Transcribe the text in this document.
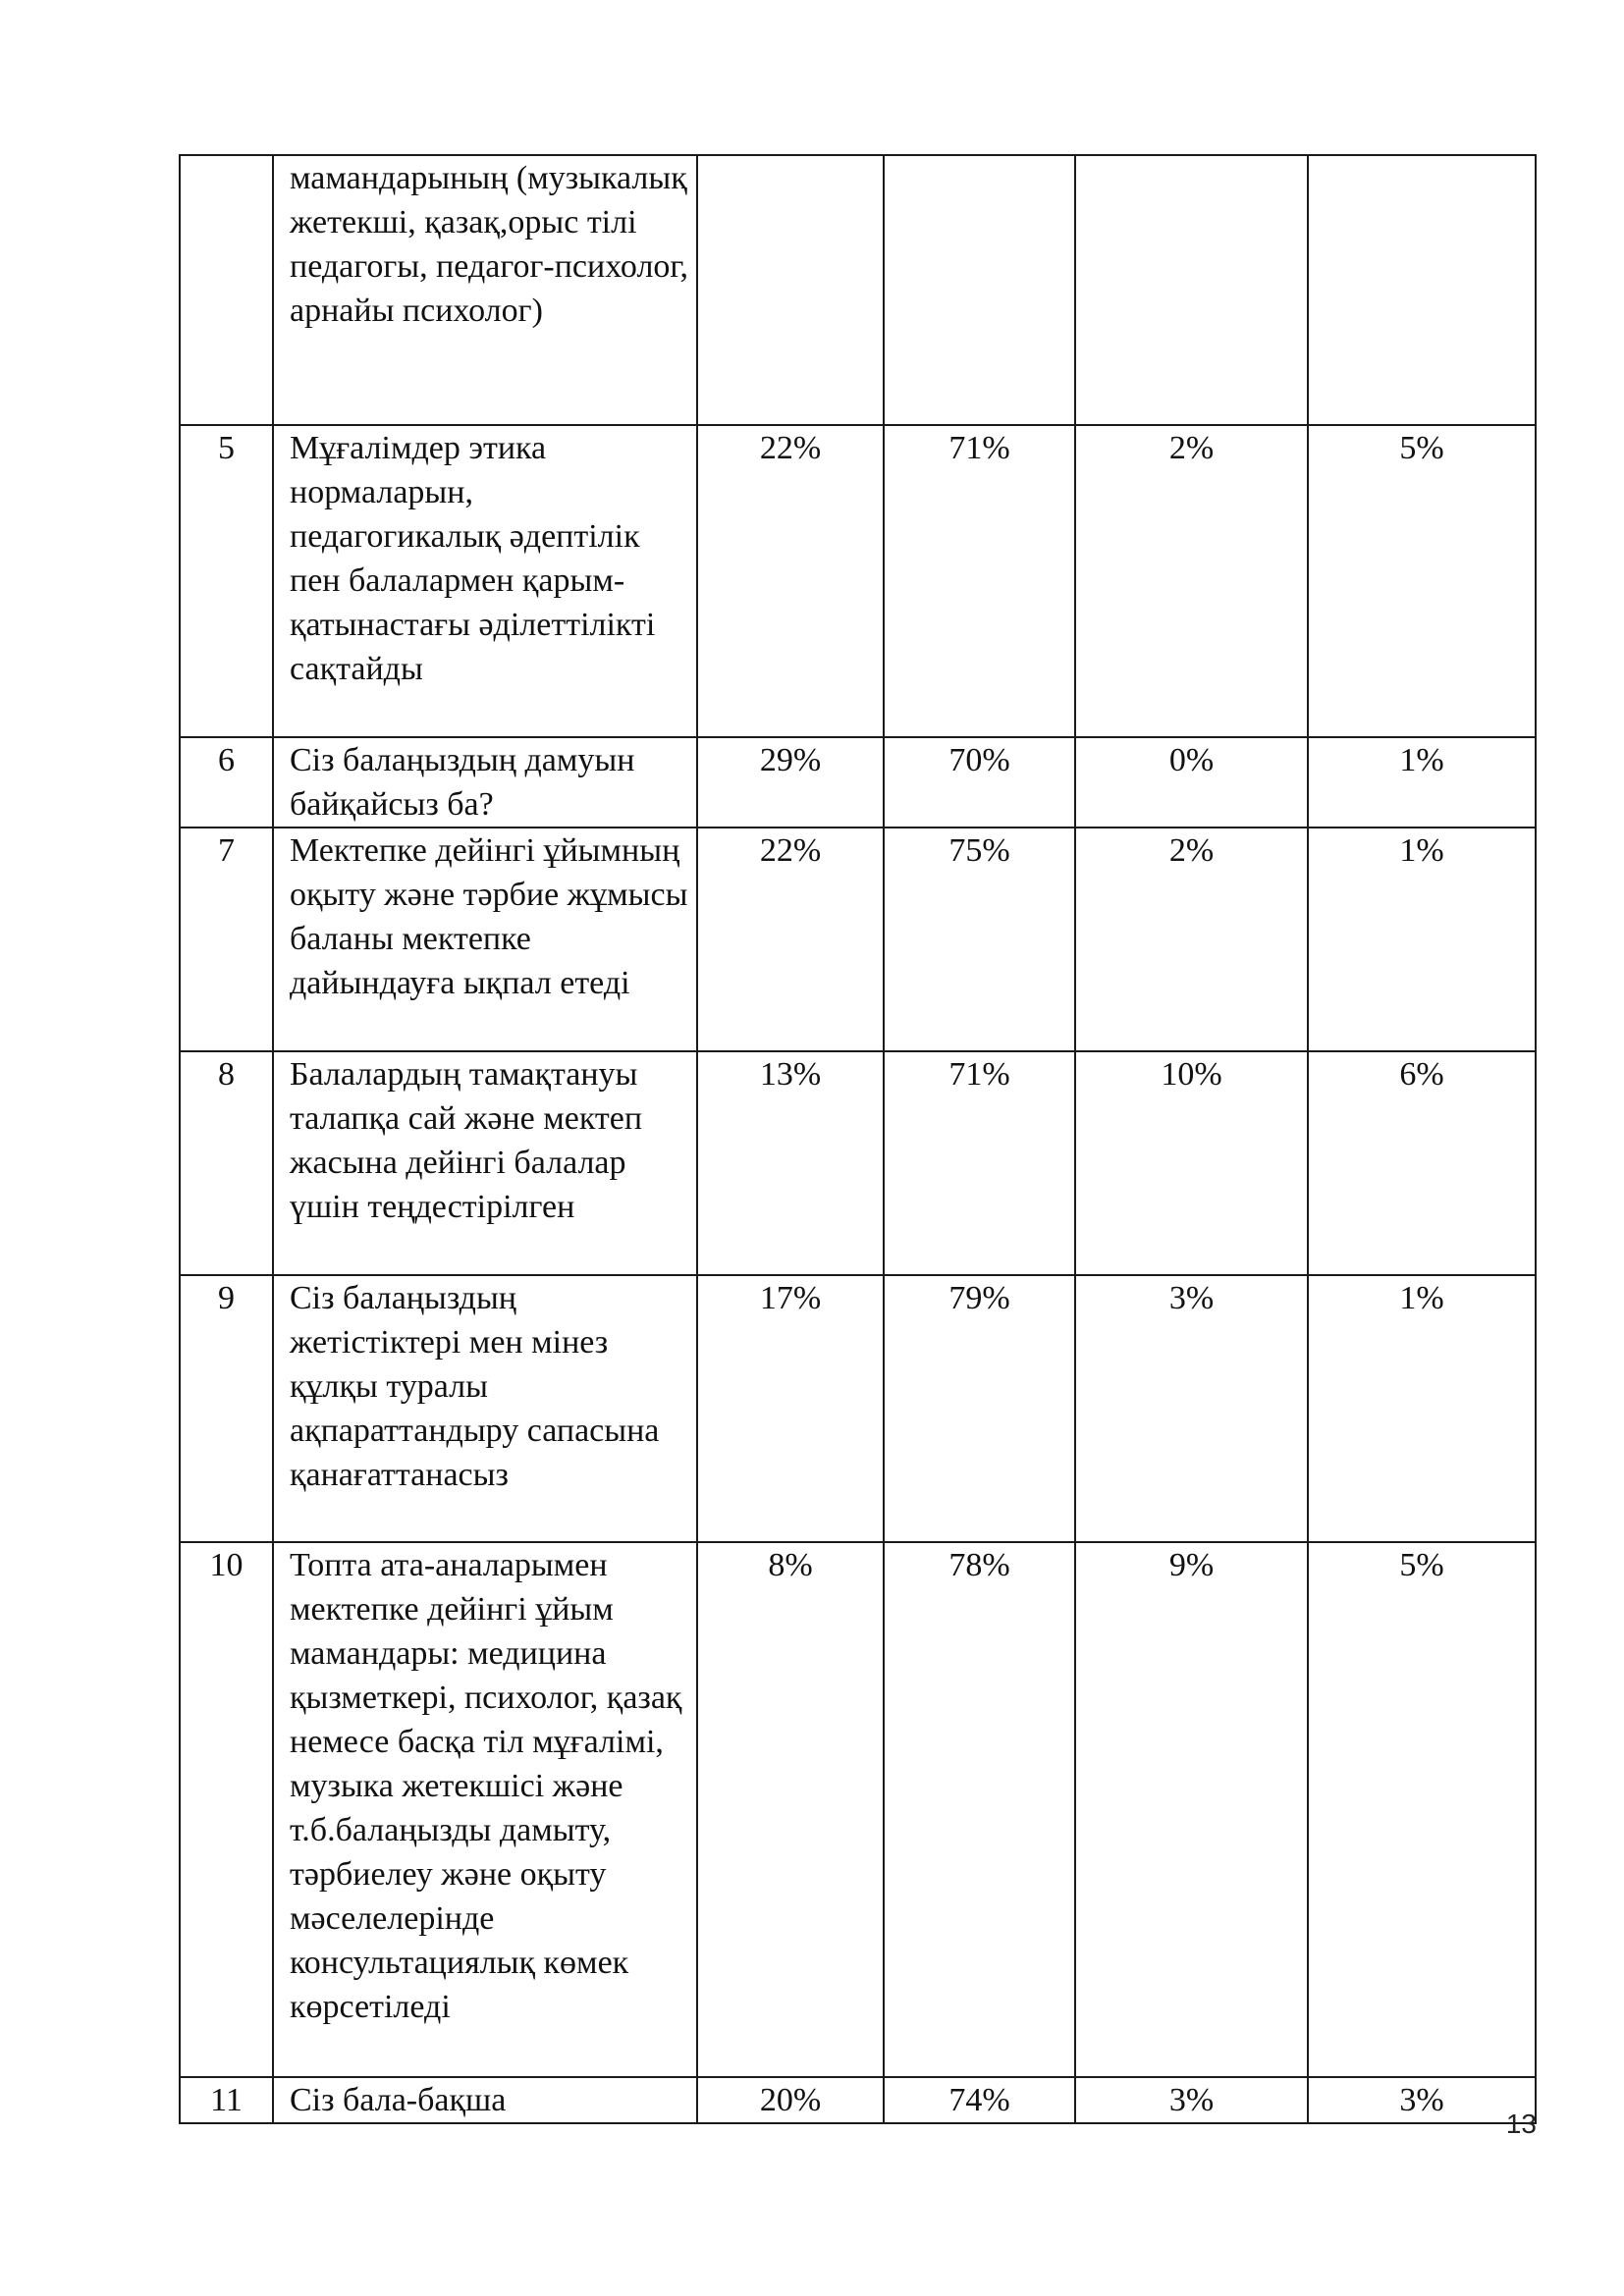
	мамандарының (музыкалық жетекші, қазақ,орыс тілі педагогы, педагог-психолог, арнайы психолог)				

5	Мұғалімдер этика нормаларын, педагогикалық әдептілік пен балалармен қарым-қатынастағы әділеттілікті сақтайды	22%	71%	2%	5%
6	Сіз балаңыздың дамуын байқайсыз ба?	29%	70%	0%	1%
7	Мектепке дейінгі ұйымның оқыту және тәрбие жұмысы баланы мектепке дайындауға ықпал етеді	22%	75%	2%	1%
8	Балалардың тамақтануы талапқа сай және мектеп жасына дейінгі балалар үшін теңдестірілген	13%	71%	10%	6%
9	Сіз балаңыздың жетістіктері мен мінез құлқы туралы ақпараттандыру сапасына қанағаттанасыз	17%	79%	3%	1%
10	Топта ата-аналарымен мектепке дейінгі ұйым мамандары: медицина қызметкері, психолог, қазақ немесе басқа тіл мұғалімі, музыка жетекшісі және т.б.балаңызды дамыту, тәрбиелеу және оқыту мәселелерінде консультациялық көмек көрсетіледі	8%	78%	9%	5%
11	Сіз бала-бақша	20%	74%	3%	3%
13
